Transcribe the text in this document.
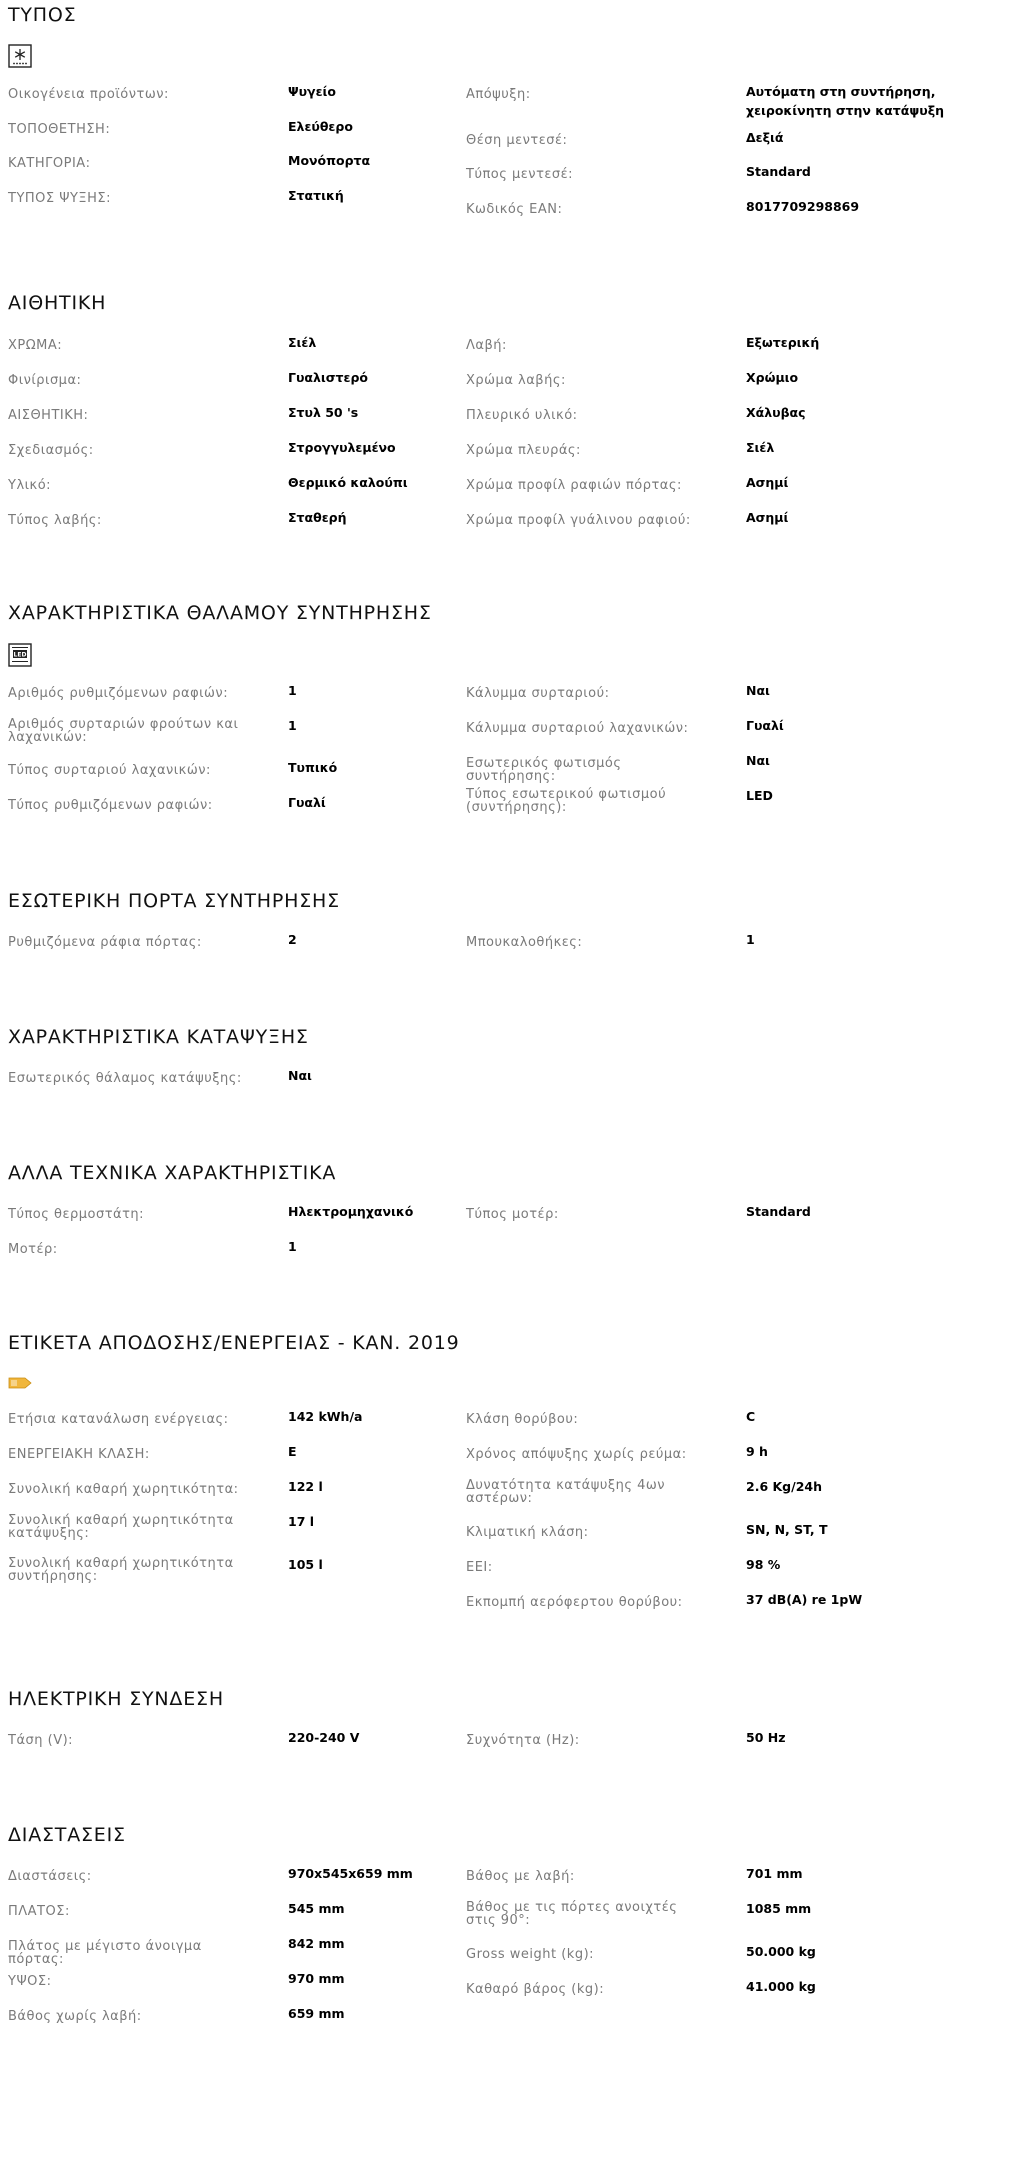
ΤΥΠΟΣ
Οικογένεια προϊόντων:	Ψυγείο
ΤΟΠΟΘΕΤΗΣΗ:	Ελεύθερο
ΚΑΤΗΓΟΡΙΑ:	Μονόπορτα
ΤΥΠΟΣ ΨΥΞΗΣ:	Στατική
Απόψυξη:	Αυτόματη στη συντήρηση, χειροκίνητη στην κατάψυξη
Θέση μεντεσέ:	Δεξιά
Τύπος μεντεσέ:	Standard
Κωδικός EAN:	8017709298869
ΑΙΘΗΤΙΚΗ
ΧΡΩΜΑ:	Σιέλ
Φινίρισμα:	Γυαλιστερό
ΑΙΣΘΗΤΙΚΗ:	Στυλ 50 's
Σχεδιασμός:	Στρογγυλεμένο
Υλικό:	Θερμικό καλούπι
Τύπος λαβής:	Σταθερή
Λαβή:	Εξωτερική
Χρώμα λαβής:	Χρώμιο
Πλευρικό υλικό:	Χάλυβας
Χρώμα πλευράς:	Σιέλ
Χρώμα προφίλ ραφιών πόρτας:	Ασημί
Χρώμα προφίλ γυάλινου ραφιού:	Ασημί
ΧΑΡΑΚΤΗΡΙΣΤΙΚΑ ΘΑΛΑΜΟΥ ΣΥΝΤΗΡΗΣΗΣ
LED
Αριθμός ρυθμιζόμενων ραφιών:	1
Αριθμός συρταριών φρούτων και λαχανικών:
1
Τύπος συρταριού λαχανικών:	Τυπικό
Τύπος ρυθμιζόμενων ραφιών:	Γυαλί
Κάλυμμα συρταριού:	Ναι
Κάλυμμα συρταριού λαχανικών:	Γυαλί
Εσωτερικός φωτισμός συντήρησης:
Ναι
Τύπος εσωτερικού φωτισμού (συντήρησης):
LED
ΕΣΩΤΕΡΙΚΗ ΠΟΡΤΑ ΣΥΝΤΗΡΗΣΗΣ
Ρυθμιζόμενα ράφια πόρτας:	2	Μπουκαλοθήκες:	1
ΧΑΡΑΚΤΗΡΙΣΤΙΚΑ ΚΑΤΑΨΥΞΗΣ
Εσωτερικός θάλαμος κατάψυξης:	Ναι
ΑΛΛΑ ΤΕΧΝΙΚΑ ΧΑΡΑΚΤΗΡΙΣΤΙΚΑ
Τύπος θερμοστάτη:	Ηλεκτρομηχανικό
Μοτέρ:	1
Τύπος μοτέρ:	Standard
ΕΤΙΚΕΤΑ ΑΠΟΔΟΣΗΣ/ΕΝΕΡΓΕΙΑΣ - ΚΑΝ. 2019
Ετήσια κατανάλωση ενέργειας:	142 kWh/a
ΕΝΕΡΓΕΙΑΚΗ ΚΛΑΣΗ:	E
Συνολική καθαρή χωρητικότητα:	122 l
Συνολική καθαρή χωρητικότητα κατάψυξης:
17 l
Συνολική καθαρή χωρητικότητα συντήρησης:
105 l
Κλάση θορύβου:	C
Χρόνος απόψυξης χωρίς ρεύμα:	9 h
Δυνατότητα κατάψυξης 4ων αστέρων:
2.6 Kg/24h
Κλιματική κλάση:	SN, N, ST, T
EEI:	98 %
Εκπομπή αερόφερτου θορύβου:	37 dB(A) re 1pW
ΗΛΕΚΤΡΙΚΗ ΣΥΝΔΕΣΗ
Τάση (V):	220-240 V	Συχνότητα (Hz):	50 Hz
ΔΙΑΣΤΑΣΕΙΣ
Διαστάσεις:	970x545x659 mm
ΠΛΑΤΟΣ:	545 mm
Πλάτος με μέγιστο άνοιγμα πόρτας:
842 mm
ΥΨΟΣ:	970 mm
Βάθος χωρίς λαβή:	659 mm
Βάθος με λαβή:	701 mm
Βάθος με τις πόρτες ανοιχτές στις 90°:
1085 mm
Gross weight (kg):	50.000 kg
Καθαρό βάρος (kg):	41.000 kg
